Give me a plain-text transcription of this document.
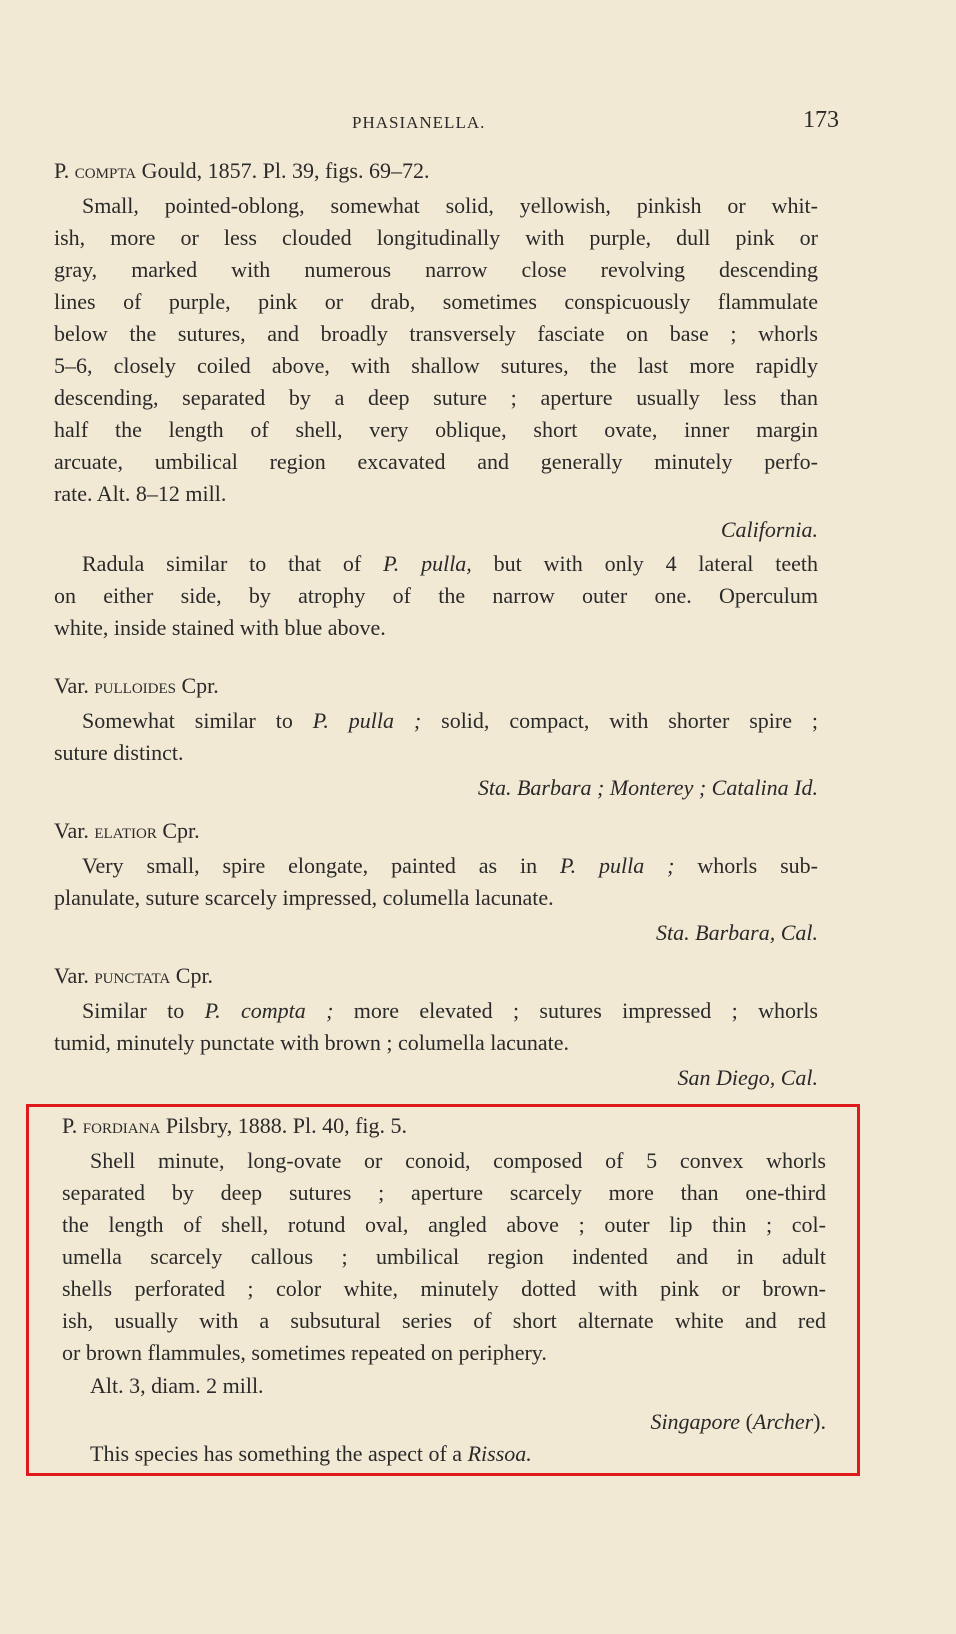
PHASIANELLA.	173
P. compta Gould, 1857. Pl. 39, figs. 69–72.
Small, pointed-oblong, somewhat solid, yellowish, pinkish or whit-
ish, more or less clouded longitudinally with purple, dull pink or
gray, marked with numerous narrow close revolving descending
lines of purple, pink or drab, sometimes conspicuously flammulate
below the sutures, and broadly transversely fasciate on base ; whorls
5–6, closely coiled above, with shallow sutures, the last more rapidly
descending, separated by a deep suture ; aperture usually less than
half the length of shell, very oblique, short ovate, inner margin
arcuate, umbilical region excavated and generally minutely perfo-
rate. Alt. 8–12 mill.
California.
Radula similar to that of P. pulla, but with only 4 lateral teeth
on either side, by atrophy of the narrow outer one. Operculum
white, inside stained with blue above.
Var. pulloides Cpr.
Somewhat similar to P. pulla ; solid, compact, with shorter spire ;
suture distinct.
Sta. Barbara ; Monterey ; Catalina Id.
Var. elatior Cpr.
Very small, spire elongate, painted as in P. pulla ; whorls sub-
planulate, suture scarcely impressed, columella lacunate.
Sta. Barbara, Cal.
Var. punctata Cpr.
Similar to P. compta ; more elevated ; sutures impressed ; whorls
tumid, minutely punctate with brown ; columella lacunate.
San Diego, Cal.
P. fordiana Pilsbry, 1888. Pl. 40, fig. 5.
Shell minute, long-ovate or conoid, composed of 5 convex whorls
separated by deep sutures ; aperture scarcely more than one-third
the length of shell, rotund oval, angled above ; outer lip thin ; col-
umella scarcely callous ; umbilical region indented and in adult
shells perforated ; color white, minutely dotted with pink or brown-
ish, usually with a subsutural series of short alternate white and red
or brown flammules, sometimes repeated on periphery.
Alt. 3, diam. 2 mill.
Singapore (Archer).
This species has something the aspect of a Rissoa.
